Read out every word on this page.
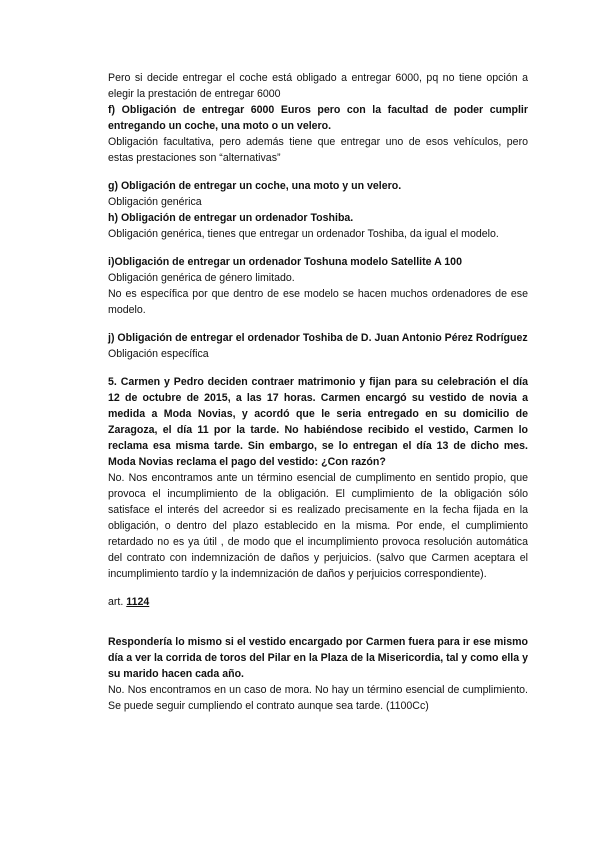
Pero si decide entregar el coche está obligado a entregar 6000, pq no tiene opción a elegir la prestación de entregar 6000

f) Obligación de entregar 6000 Euros pero con la facultad de poder cumplir entregando un coche, una moto o un velero.

Obligación facultativa, pero además tiene que entregar uno de esos vehículos, pero estas prestaciones son “alternativas”

g) Obligación de entregar un coche, una moto y un velero.

Obligación genérica

h) Obligación de entregar un ordenador Toshiba.

Obligación genérica, tienes que entregar un ordenador Toshiba, da igual el modelo.

i)Obligación de entregar un ordenador Toshuna modelo Satellite A 100

Obligación genérica de género limitado.

No es específica por que dentro de ese modelo se hacen muchos ordenadores de ese modelo.

j) Obligación de entregar el ordenador Toshiba de D. Juan Antonio Pérez Rodríguez

Obligación específica

5. Carmen y Pedro deciden contraer matrimonio y fijan para su celebración el día 12 de octubre de 2015, a las 17 horas. Carmen encargó su vestido de novia a medida a Moda Novias, y acordó que le seria entregado en su domicilio de Zaragoza, el día 11 por la tarde. No habiéndose recibido el vestido, Carmen lo reclama esa misma tarde. Sin embargo, se lo entregan el día 13 de dicho mes. Moda Novias reclama el pago del vestido: ¿Con razón?

No. Nos encontramos ante un término esencial de cumplimento en sentido propio, que provoca el incumplimiento de la obligación. El cumplimiento de la obligación sólo satisface el interés del acreedor si es realizado precisamente en la fecha fijada en la obligación, o dentro del plazo establecido en la misma. Por ende, el cumplimiento retardado no es ya útil , de modo que el incumplimiento provoca resolución automática del contrato con indemnización de daños y perjuicios. (salvo que Carmen aceptara el incumplimiento tardío y la indemnización de daños y perjuicios correspondiente).

art. 1124

Respondería lo mismo si el vestido encargado por Carmen fuera para ir ese mismo día a ver la corrida de toros del Pilar en la Plaza de la Misericordia, tal y como ella y su marido hacen cada año.

No. Nos encontramos en un caso de mora. No hay un término esencial de cumplimiento. Se puede seguir cumpliendo el contrato aunque sea tarde. (1100Cc)
